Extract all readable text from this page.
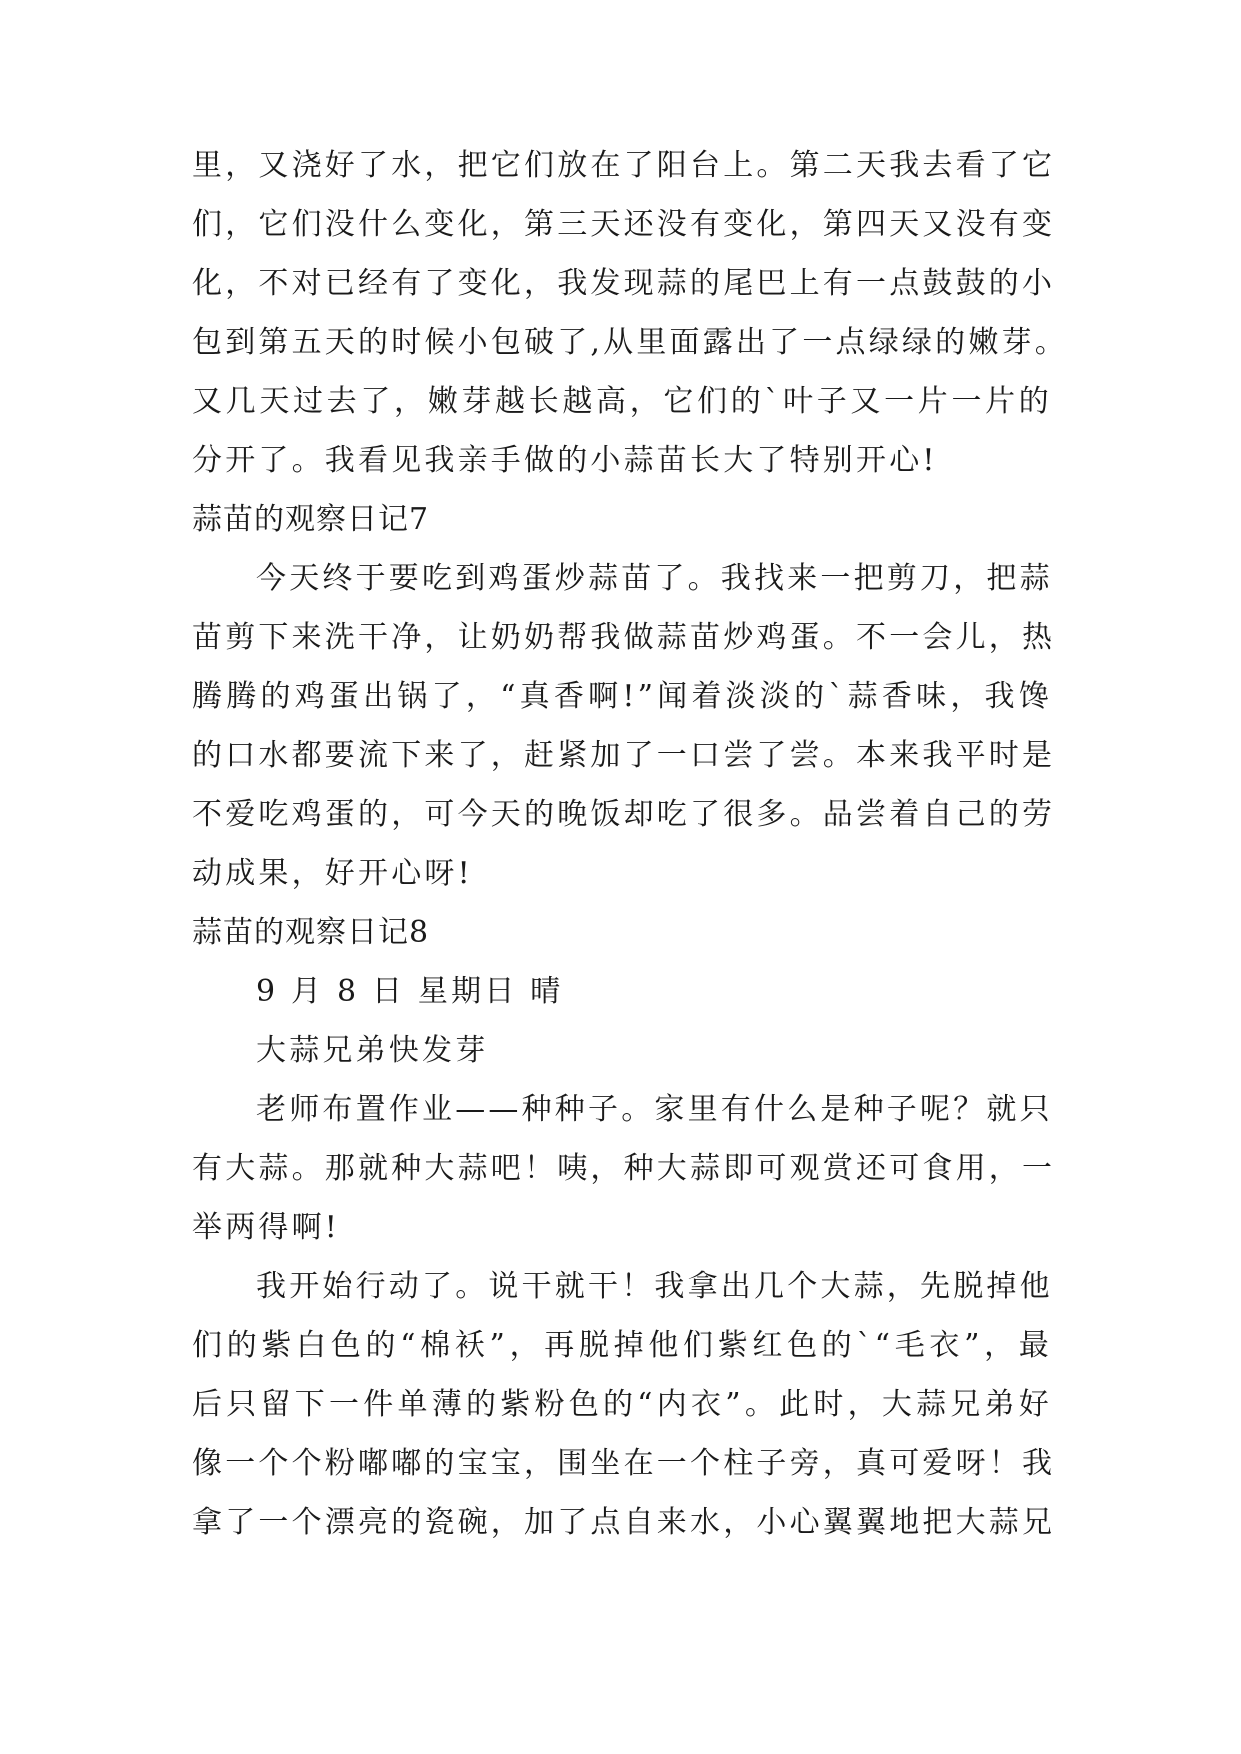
里，又浇好了水，把它们放在了阳台上。第二天我去看了它
们，它们没什么变化，第三天还没有变化，第四天又没有变
化，不对已经有了变化，我发现蒜的尾巴上有一点鼓鼓的小
包到第五天的时候小包破了,从里面露出了一点绿绿的嫩芽。
又几天过去了，嫩芽越长越高，它们的`叶子又一片一片的
分开了。我看见我亲手做的小蒜苗长大了特别开心!
蒜苗的观察日记7
今天终于要吃到鸡蛋炒蒜苗了。我找来一把剪刀，把蒜
苗剪下来洗干净，让奶奶帮我做蒜苗炒鸡蛋。不一会儿，热
腾腾的鸡蛋出锅了，“真香啊!”闻着淡淡的`蒜香味，我馋
的口水都要流下来了，赶紧加了一口尝了尝。本来我平时是
不爱吃鸡蛋的，可今天的晚饭却吃了很多。品尝着自己的劳
动成果，好开心呀!
蒜苗的观察日记8
9 月 8 日 星期日 晴
大蒜兄弟快发芽
老师布置作业——种种子。家里有什么是种子呢？就只
有大蒜。那就种大蒜吧！咦，种大蒜即可观赏还可食用，一
举两得啊!
我开始行动了。说干就干！我拿出几个大蒜，先脱掉他
们的紫白色的“棉袄”，再脱掉他们紫红色的`“毛衣”，最
后只留下一件单薄的紫粉色的“内衣”。此时，大蒜兄弟好
像一个个粉嘟嘟的宝宝，围坐在一个柱子旁，真可爱呀！我
拿了一个漂亮的瓷碗，加了点自来水，小心翼翼地把大蒜兄
